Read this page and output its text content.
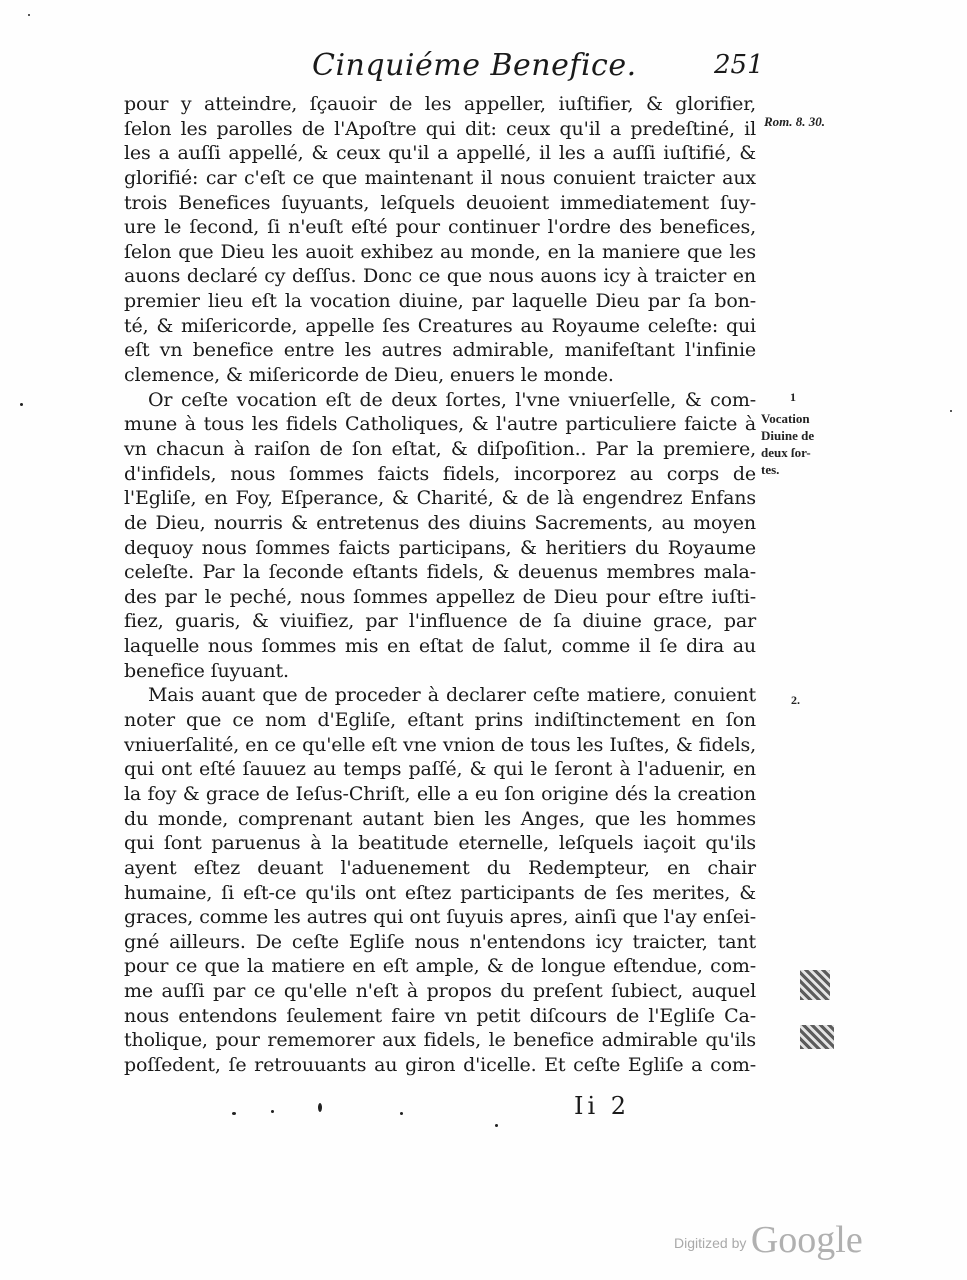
Cinquiéme Benefice.	251
pour y atteindre, ſçauoir de les appeller, iuſtifier, & glorifier,
ſelon les parolles de l'Apoſtre qui dit: ceux qu'il a predeſtiné, il
les a auſſi appellé, & ceux qu'il a appellé, il les a auſſi iuſtifié, &
glorifié: car c'eſt ce que maintenant il nous conuient traicter aux
trois Benefices ſuyuants, leſquels deuoient immediatement ſuy-
ure le ſecond, ſi n'euſt eſté pour continuer l'ordre des benefices,
ſelon que Dieu les auoit exhibez au monde, en la maniere que les
auons declaré cy deſſus. Donc ce que nous auons icy à traicter en
premier lieu eſt la vocation diuine, par laquelle Dieu par ſa bon-
té, & miſericorde, appelle ſes Creatures au Royaume celeſte: qui
eſt vn benefice entre les autres admirable, manifeſtant l'infinie
clemence, & miſericorde de Dieu, enuers le monde.
Or ceſte vocation eſt de deux ſortes, l'vne vniuerſelle, & com-
mune à tous les fidels Catholiques, & l'autre particuliere faicte à
vn chacun à raiſon de ſon eſtat, & diſpoſition.. Par la premiere,
d'infidels, nous ſommes faicts fidels, incorporez au corps de
l'Egliſe, en Foy, Eſperance, & Charité, & de là engendrez Enfans
de Dieu, nourris & entretenus des diuins Sacrements, au moyen
dequoy nous ſommes faicts participans, & heritiers du Royaume
celeſte. Par la ſeconde eſtants fidels, & deuenus membres mala-
des par le peché, nous ſommes appellez de Dieu pour eſtre iuſti-
fiez, guaris, & viuifiez, par l'influence de ſa diuine grace, par
laquelle nous ſommes mis en eſtat de ſalut, comme il ſe dira au
benefice ſuyuant.
Mais auant que de proceder à declarer ceſte matiere, conuient
noter que ce nom d'Egliſe, eſtant prins indiſtinctement en ſon
vniuerſalité, en ce qu'elle eſt vne vnion de tous les Iuſtes, & fidels,
qui ont eſté ſauuez au temps paſſé, & qui le ſeront à l'aduenir, en
la foy & grace de Ieſus-Chriſt, elle a eu ſon origine dés la creation
du monde, comprenant autant bien les Anges, que les hommes
qui ſont paruenus à la beatitude eternelle, leſquels iaçoit qu'ils
ayent eſtez deuant l'aduenement du Redempteur, en chair
humaine, ſi eſt-ce qu'ils ont eſtez participants de ſes merites, &
graces, comme les autres qui ont ſuyuis apres, ainſi que l'ay enſei-
gné ailleurs. De ceſte Egliſe nous n'entendons icy traicter, tant
pour ce que la matiere en eſt ample, & de longue eſtendue, com-
me auſſi par ce qu'elle n'eſt à propos du preſent ſubiect, auquel
nous entendons ſeulement faire vn petit diſcours de l'Egliſe Ca-
tholique, pour rememorer aux fidels, le benefice admirable qu'ils
poſſedent, ſe retrouuants au giron d'icelle. Et ceſte Egliſe a com-
Rom. 8. 30.
1
Vocation
Diuine de
deux ſor-
tes.
2.
Ii 2
Digitized by Google
